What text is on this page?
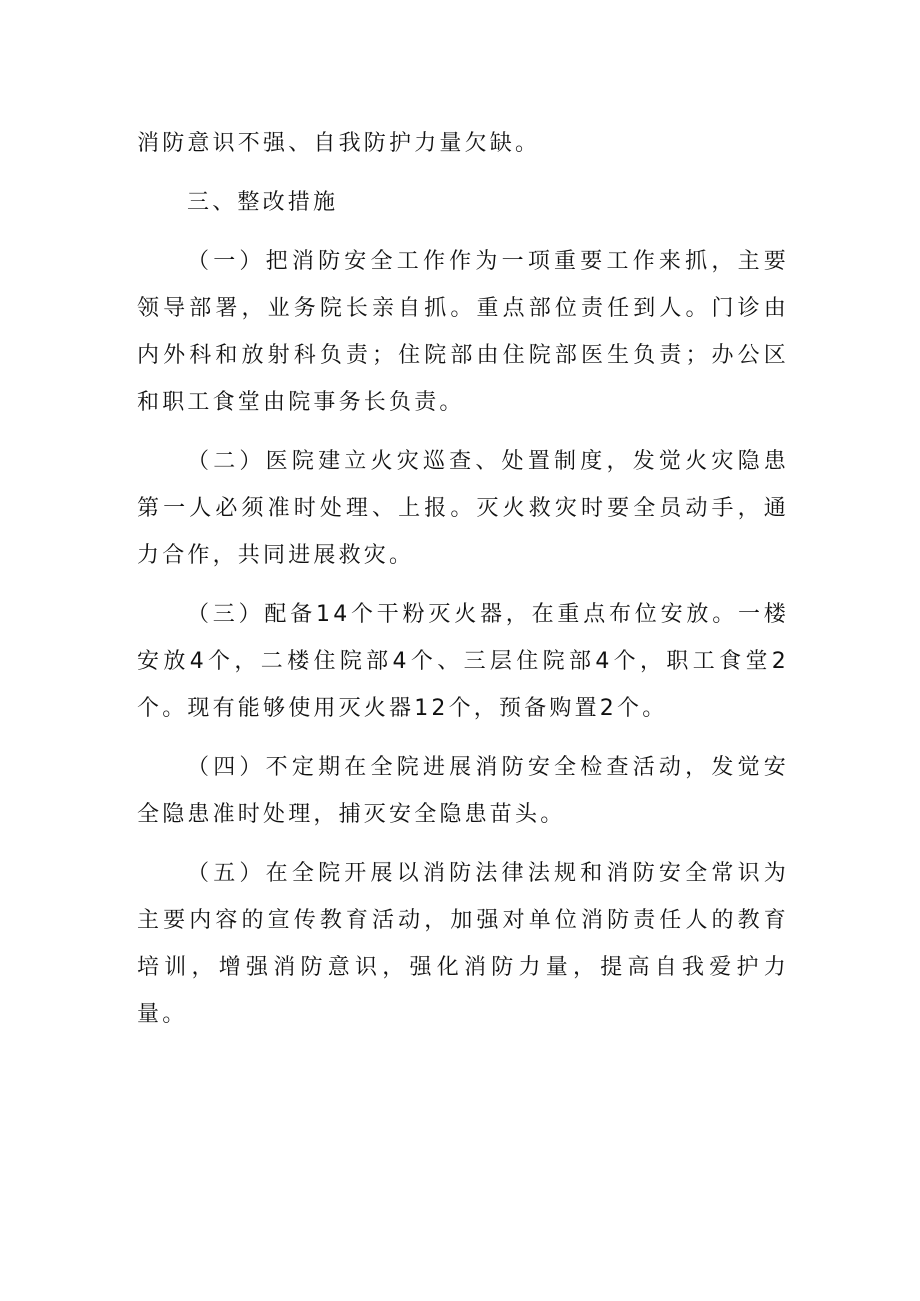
消防意识不强、自我防护力量欠缺。

三、整改措施

（一）把消防安全工作作为一项重要工作来抓，主要领导部署，业务院长亲自抓。重点部位责任到人。门诊由内外科和放射科负责；住院部由住院部医生负责；办公区和职工食堂由院事务长负责。

（二）医院建立火灾巡查、处置制度，发觉火灾隐患第一人必须准时处理、上报。灭火救灾时要全员动手，通力合作，共同进展救灾。

（三）配备14个干粉灭火器，在重点布位安放。一楼安放4个，二楼住院部4个、三层住院部4个，职工食堂2个。现有能够使用灭火器12个，预备购置2个。

（四）不定期在全院进展消防安全检查活动，发觉安全隐患准时处理，捕灭安全隐患苗头。

（五）在全院开展以消防法律法规和消防安全常识为主要内容的宣传教育活动，加强对单位消防责任人的教育培训，增强消防意识，强化消防力量，提高自我爱护力量。
